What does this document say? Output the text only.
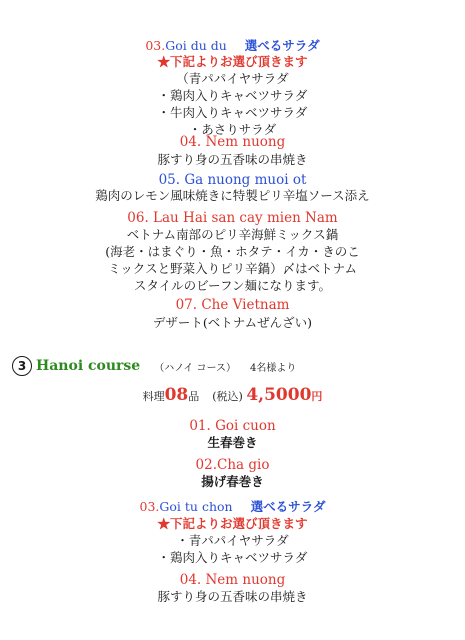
03.Goi du du 選べるサラダ
★下記よりお選び頂きます
（青パパイヤサラダ
・鶏肉入りキャベツサラダ
・牛肉入りキャベツサラダ
・あさりサラダ
04. Nem nuong
豚すり身の五香味の串焼き
05. Ga nuong muoi ot
鶏肉のレモン風味焼きに特製ピリ辛塩ソース添え
06. Lau Hai san cay mien Nam
ベトナム南部のピリ辛海鮮ミックス鍋
(海老・はまぐり・魚・ホタテ・イカ・きのこ
ミックスと野菜入りピリ辛鍋）〆はベトナム
スタイルのビーフン麺になります。
07. Che Vietnam
デザート(ベトナムぜんざい)
3 Hanoi course （ハノイ コース） 4名様より
料理08品 (税込) 4,5000円
01. Goi cuon
生春巻き
02.Cha gio
揚げ春巻き
03.Goi tu chon 選べるサラダ
★下記よりお選び頂きます
・青パパイヤサラダ
・鶏肉入りキャベツサラダ
04. Nem nuong
豚すり身の五香味の串焼き
